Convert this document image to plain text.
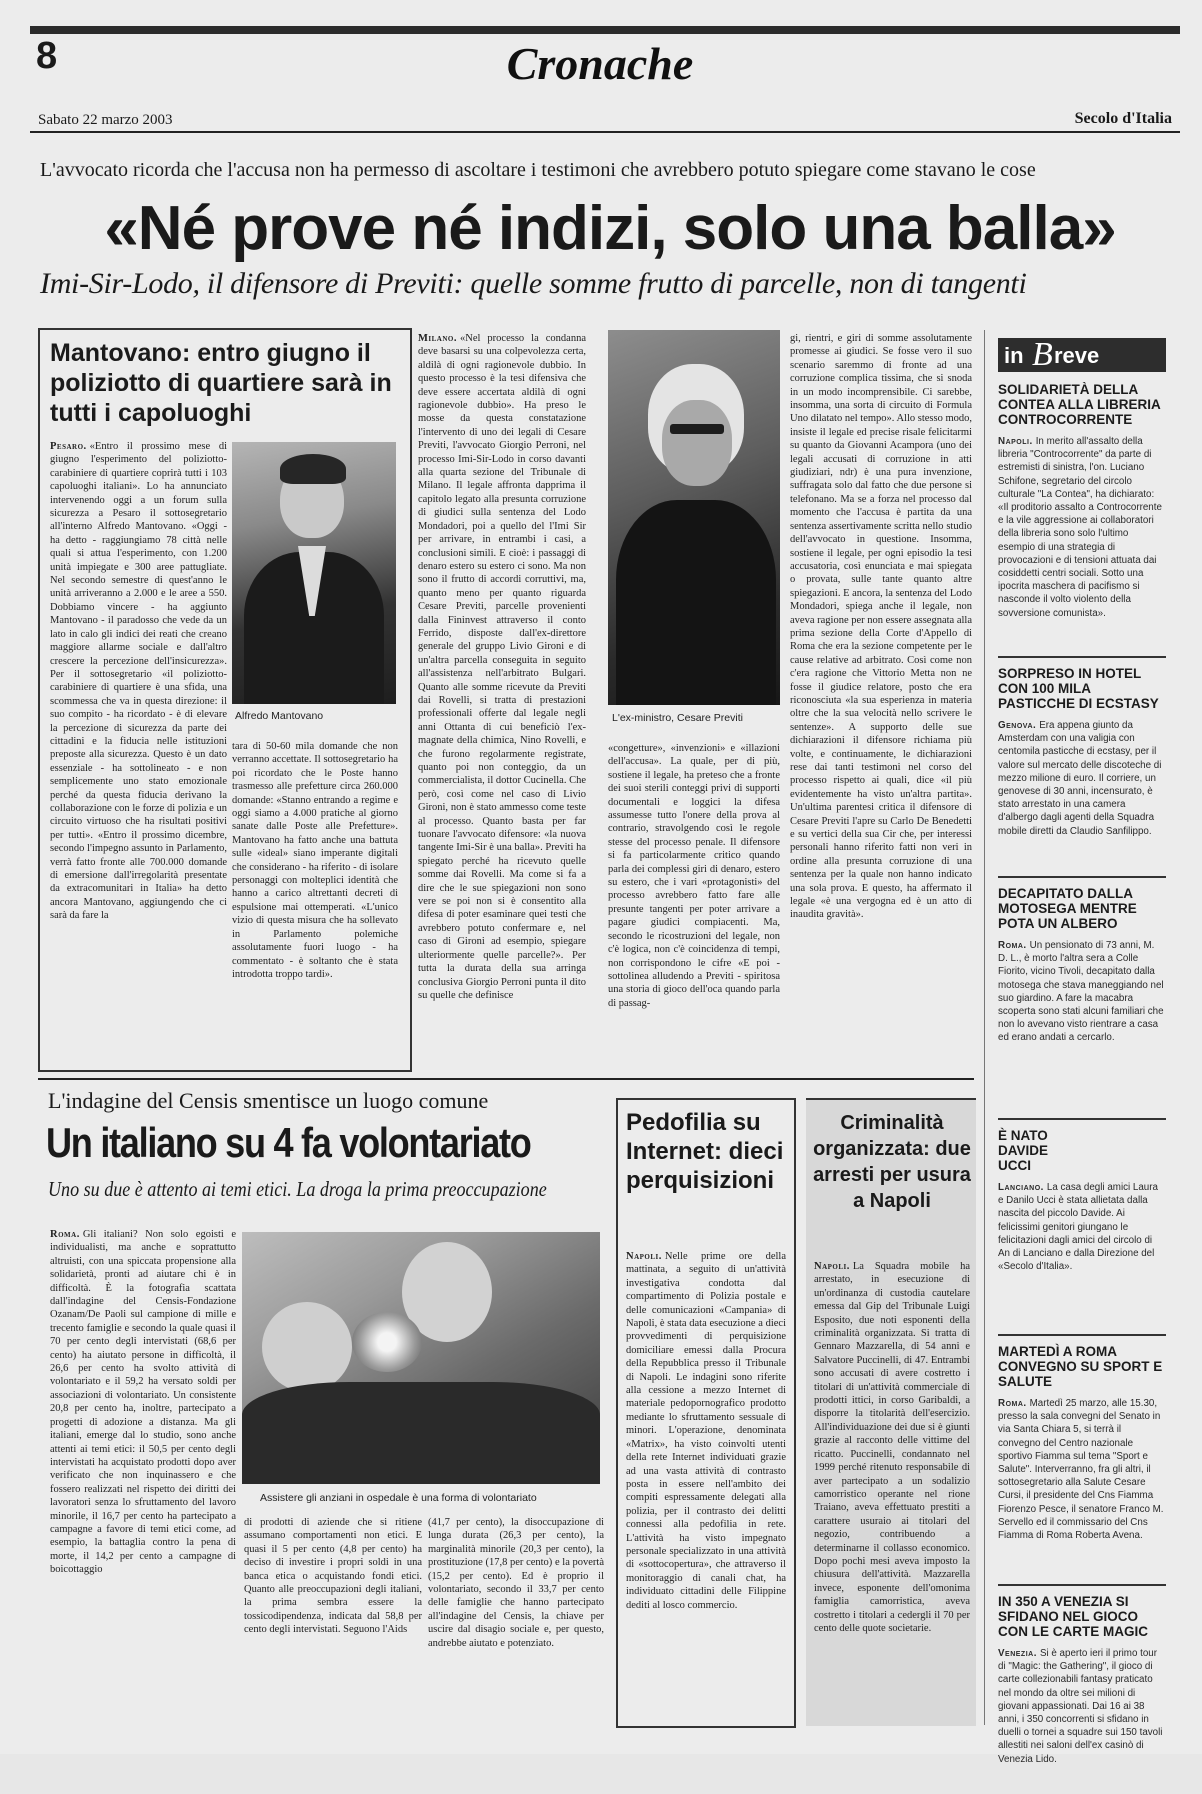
8	Cronache
Sabato 22 marzo 2003	Secolo d'Italia
L'avvocato ricorda che l'accusa non ha permesso di ascoltare i testimoni che avrebbero potuto spiegare come stavano le cose
«Né prove né indizi, solo una balla»
Imi-Sir-Lodo, il difensore di Previti: quelle somme frutto di parcelle, non di tangenti
Mantovano: entro giugno il poliziotto di quartiere sarà in tutti i capoluoghi

Pesaro. «Entro il prossimo mese di giugno l'esperimento del poliziotto-carabiniere di quartiere coprirà tutti i 103 capoluoghi italiani». Lo ha annunciato intervenendo oggi a un forum sulla sicurezza a Pesaro il sottosegretario all'interno Alfredo Mantovano. «Oggi - ha detto - raggiungiamo 78 città nelle quali si attua l'esperimento, con 1.200 unità impiegate e 300 aree pattugliate. Nel secondo semestre di quest'anno le unità arriveranno a 2.000 e le aree a 550. Dobbiamo vincere - ha aggiunto Mantovano - il paradosso che vede da un lato in calo gli indici dei reati che creano maggiore allarme sociale e dall'altro crescere la percezione dell'insicurezza». Per il sottosegretario «il poliziotto-carabiniere di quartiere è una sfida, una scommessa che va in questa direzione: il suo compito - ha ricordato - è di elevare la percezione di sicurezza da parte dei cittadini e la fiducia nelle istituzioni preposte alla sicurezza. Questo è un dato essenziale - ha sottolineato - e non semplicemente uno stato emozionale perché da questa fiducia derivano la collaborazione con le forze di polizia e un circuito virtuoso che ha risultati positivi per tutti». «Entro il prossimo dicembre, secondo l'impegno assunto in Parlamento, verrà fatto fronte alle 700.000 domande di emersione dall'irregolarità presentate da extracomunitari in Italia» ha detto ancora Mantovano, aggiungendo che ci sarà da fare la

Alfredo Mantovano

tara di 50-60 mila domande che non verranno accettate. Il sottosegretario ha poi ricordato che le Poste hanno trasmesso alle prefetture circa 260.000 domande: «Stanno entrando a regime e oggi siamo a 4.000 pratiche al giorno sanate dalle Poste alle Prefetture». Mantovano ha fatto anche una battuta sulle «ideal» siano imperante digitali che considerano - ha riferito - di isolare personaggi con molteplici identità che hanno a carico altrettanti decreti di espulsione mai ottemperati. «L'unico vizio di questa misura che ha sollevato in Parlamento polemiche assolutamente fuori luogo - ha commentato - è soltanto che è stata introdotta troppo tardi».

Milano. «Nel processo la condanna deve basarsi su una colpevolezza certa, aldilà di ogni ragionevole dubbio. In questo processo è la tesi difensiva che deve essere accertata aldilà di ogni ragionevole dubbio». Ha preso le mosse da questa constatazione l'intervento di uno dei legali di Cesare Previti, l'avvocato Giorgio Perroni, nel processo Imi-Sir-Lodo in corso davanti alla quarta sezione del Tribunale di Milano. Il legale affronta dapprima il capitolo legato alla presunta corruzione di giudici sulla sentenza del Lodo Mondadori, poi a quello del l'Imi Sir per arrivare, in entrambi i casi, a conclusioni simili. E cioè: i passaggi di denaro estero su estero ci sono. Ma non sono il frutto di accordi corruttivi, ma, quanto meno per quanto riguarda Cesare Previti, parcelle provenienti dalla Fininvest attraverso il conto Ferrido, disposte dall'ex-direttore generale del gruppo Livio Gironi e di un'altra parcella conseguita in seguito all'assistenza nell'arbitrato Bulgari. Quanto alle somme ricevute da Previti dai Rovelli, si tratta di prestazioni professionali offerte dal legale negli anni Ottanta di cui beneficiò l'ex-magnate della chimica, Nino Rovelli, e che furono regolarmente registrate, quanto poi non conteggio, da un commercialista, il dottor Cucinella. Che però, così come nel caso di Livio Gironi, non è stato ammesso come teste al processo. Quanto basta per far tuonare l'avvocato difensore: «la nuova tangente Imi-Sir è una balla». Previti ha spiegato perché ha ricevuto quelle somme dai Rovelli. Ma come si fa a dire che le sue spiegazioni non sono vere se poi non si è consentito alla difesa di poter esaminare quei testi che avrebbero potuto confermare e, nel caso di Gironi ad esempio, spiegare ulteriormente quelle parcelle?». Per tutta la durata della sua arringa conclusiva Giorgio Perroni punta il dito su quelle che definisce

L'ex-ministro, Cesare Previti

«congetture», «invenzioni» e «illazioni dell'accusa». La quale, per di più, sostiene il legale, ha preteso che a fronte dei suoi sterili conteggi privi di supporti documentali e loggici la difesa assumesse tutto l'onere della prova al contrario, stravolgendo così le regole stesse del processo penale. Il difensore si fa particolarmente critico quando parla dei complessi giri di denaro, estero su estero, che i vari «protagonisti» del processo avrebbero fatto fare alle presunte tangenti per poter arrivare a pagare giudici compiacenti. Ma, secondo le ricostruzioni del legale, non c'è logica, non c'è coincidenza di tempi, non corrispondono le cifre «E poi - sottolinea alludendo a Previti - spiritosa una storia di gioco dell'oca quando parla di passag-

gi, rientri, e giri di somme assolutamente promesse ai giudici. Se fosse vero il suo scenario saremmo di fronte ad una corruzione complica tissima, che si snoda in un modo incomprensibile. Ci sarebbe, insomma, una sorta di circuito di Formula Uno dilatato nel tempo». Allo stesso modo, insiste il legale ed precise risale felicitarmi su quanto da Giovanni Acampora (uno dei legali accusati di corruzione in atti giudiziari, ndr) è una pura invenzione, suffragata solo dal fatto che due persone si telefonano. Ma se a forza nel processo dal momento che l'accusa è partita da una sentenza assertivamente scritta nello studio dell'avvocato in questione. Insomma, sostiene il legale, per ogni episodio la tesi accusatoria, così enunciata e mai spiegata o provata, sulle tante quanto altre spiegazioni. E ancora, la sentenza del Lodo Mondadori, spiega anche il legale, non aveva ragione per non essere assegnata alla prima sezione della Corte d'Appello di Roma che era la sezione competente per le cause relative ad arbitrato. Così come non c'era ragione che Vittorio Metta non ne fosse il giudice relatore, posto che era riconosciuta «la sua esperienza in materia oltre che la sua velocità nello scrivere le sentenze». A supporto delle sue dichiarazioni il difensore richiama più volte, e continuamente, le dichiarazioni rese dai tanti testimoni nel corso del processo rispetto ai quali, dice «il più evidentemente ha visto un'altra partita». Un'ultima parentesi critica il difensore di Cesare Previti l'apre su Carlo De Benedetti e su vertici della sua Cir che, per interessi personali hanno riferito fatti non veri in ordine alla presunta corruzione di una sentenza per la quale non hanno indicato una sola prova. E questo, ha affermato il legale «è una vergogna ed è un atto di inaudita gravità».

in B reve
SOLIDARIETÀ DELLA CONTEA ALLA LIBRERIA CONTROCORRENTE
Napoli. In merito all'assalto della libreria "Controcorrente" da parte di estremisti di sinistra, l'on. Luciano Schifone, segretario del circolo culturale "La Contea", ha dichiarato: «Il proditorio assalto a Controcorrente e la vile aggressione ai collaboratori della libreria sono solo l'ultimo esempio di una strategia di provocazioni e di tensioni attuata dai cosiddetti centri sociali. Sotto una ipocrita maschera di pacifismo si nasconde il volto violento della sovversione comunista».
SORPRESO IN HOTEL CON 100 MILA PASTICCHE DI ECSTASY
Genova. Era appena giunto da Amsterdam con una valigia con centomila pasticche di ecstasy, per il valore sul mercato delle discoteche di mezzo milione di euro. Il corriere, un genovese di 30 anni, incensurato, è stato arrestato in una camera d'albergo dagli agenti della Squadra mobile diretti da Claudio Sanfilippo.
DECAPITATO DALLA MOTOSEGA MENTRE POTA UN ALBERO
Roma. Un pensionato di 73 anni, M. D. L., è morto l'altra sera a Colle Fiorito, vicino Tivoli, decapitato dalla motosega che stava maneggiando nel suo giardino. A fare la macabra scoperta sono stati alcuni familiari che non lo avevano visto rientrare a casa ed erano andati a cercarlo.
È NATO DAVIDE UCCI
Lanciano. La casa degli amici Laura e Danilo Ucci è stata allietata dalla nascita del piccolo Davide. Ai felicissimi genitori giungano le felicitazioni dagli amici del circolo di An di Lanciano e dalla Direzione del «Secolo d'Italia».
MARTEDÌ A ROMA CONVEGNO SU SPORT E SALUTE
Roma. Martedì 25 marzo, alle 15.30, presso la sala convegni del Senato in via Santa Chiara 5, si terrà il convegno del Centro nazionale sportivo Fiamma sul tema "Sport e Salute". Interverranno, fra gli altri, il sottosegretario alla Salute Cesare Cursi, il presidente del Cns Fiamma Fiorenzo Pesce, il senatore Franco M. Servello ed il commissario del Cns Fiamma di Roma Roberta Avena.
IN 350 A VENEZIA SI SFIDANO NEL GIOCO CON LE CARTE MAGIC
Venezia. Si è aperto ieri il primo tour di "Magic: the Gathering", il gioco di carte collezionabili fantasy praticato nel mondo da oltre sei milioni di giovani appassionati. Dai 16 ai 38 anni, i 350 concorrenti si sfidano in duelli o tornei a squadre sui 150 tavoli allestiti nei saloni dell'ex casinò di Venezia Lido.
L'indagine del Censis smentisce un luogo comune
Un italiano su 4 fa volontariato
Uno su due è attento ai temi etici. La droga la prima preoccupazione

Roma. Gli italiani? Non solo egoisti e individualisti, ma anche e soprattutto altruisti, con una spiccata propensione alla solidarietà, pronti ad aiutare chi è in difficoltà. È la fotografia scattata dall'indagine del Censis-Fondazione Ozanam/De Paoli sul campione di mille e trecento famiglie e secondo la quale quasi il 70 per cento degli intervistati (68,6 per cento) ha aiutato persone in difficoltà, il 26,6 per cento ha svolto attività di volontariato e il 59,2 ha versato soldi per associazioni di volontariato. Un consistente 20,8 per cento ha, inoltre, partecipato a progetti di adozione a distanza. Ma gli italiani, emerge dal lo studio, sono anche attenti ai temi etici: il 50,5 per cento degli intervistati ha acquistato prodotti dopo aver verificato che non inquinassero e che fossero realizzati nel rispetto dei diritti dei lavoratori senza lo sfruttamento del lavoro minorile, il 16,7 per cento ha partecipato a campagne a favore di temi etici come, ad esempio, la battaglia contro la pena di morte, il 14,2 per cento a campagne di boicottaggio

Assistere gli anziani in ospedale è una forma di volontariato

di prodotti di aziende che si ritiene assumano comportamenti non etici. E quasi il 5 per cento (4,8 per cento) ha deciso di investire i propri soldi in una banca etica o acquistando fondi etici. Quanto alle preoccupazioni degli italiani, la prima sembra essere la tossicodipendenza, indicata dal 58,8 per cento degli intervistati. Seguono l'Aids

(41,7 per cento), la disoccupazione di lunga durata (26,3 per cento), la marginalità minorile (20,3 per cento), la prostituzione (17,8 per cento) e la povertà (15,2 per cento). Ed è proprio il volontariato, secondo il 33,7 per cento delle famiglie che hanno partecipato all'indagine del Censis, la chiave per uscire dal disagio sociale e, per questo, andrebbe aiutato e potenziato.

Pedofilia su Internet: dieci perquisizioni

Napoli. Nelle prime ore della mattinata, a seguito di un'attività investigativa condotta dal compartimento di Polizia postale e delle comunicazioni «Campania» di Napoli, è stata data esecuzione a dieci provvedimenti di perquisizione domiciliare emessi dalla Procura della Repubblica presso il Tribunale di Napoli. Le indagini sono riferite alla cessione a mezzo Internet di materiale pedopornografico prodotto mediante lo sfruttamento sessuale di minori. L'operazione, denominata «Matrix», ha visto coinvolti utenti della rete Internet individuati grazie ad una vasta attività di contrasto posta in essere nell'ambito dei compiti espressamente delegati alla polizia, per il contrasto dei delitti connessi alla pedofilia in rete. L'attività ha visto impegnato personale specializzato in una attività di «sottocopertura», che attraverso il monitoraggio di canali chat, ha individuato cittadini delle Filippine dediti al losco commercio.

Criminalità organizzata: due arresti per usura a Napoli

Napoli. La Squadra mobile ha arrestato, in esecuzione di un'ordinanza di custodia cautelare emessa dal Gip del Tribunale Luigi Esposito, due noti esponenti della criminalità organizzata. Si tratta di Gennaro Mazzarella, di 54 anni e Salvatore Puccinelli, di 47. Entrambi sono accusati di avere costretto i titolari di un'attività commerciale di prodotti ittici, in corso Garibaldi, a disporre la titolarità dell'esercizio. All'individuazione dei due si è giunti grazie al racconto delle vittime del ricatto. Puccinelli, condannato nel 1999 perché ritenuto responsabile di aver partecipato a un sodalizio camorristico operante nel rione Traiano, aveva effettuato prestiti a carattere usuraio ai titolari del negozio, contribuendo a determinarne il collasso economico. Dopo pochi mesi aveva imposto la chiusura dell'attività. Mazzarella invece, esponente dell'omonima famiglia camorristica, aveva costretto i titolari a cedergli il 70 per cento delle quote societarie.
